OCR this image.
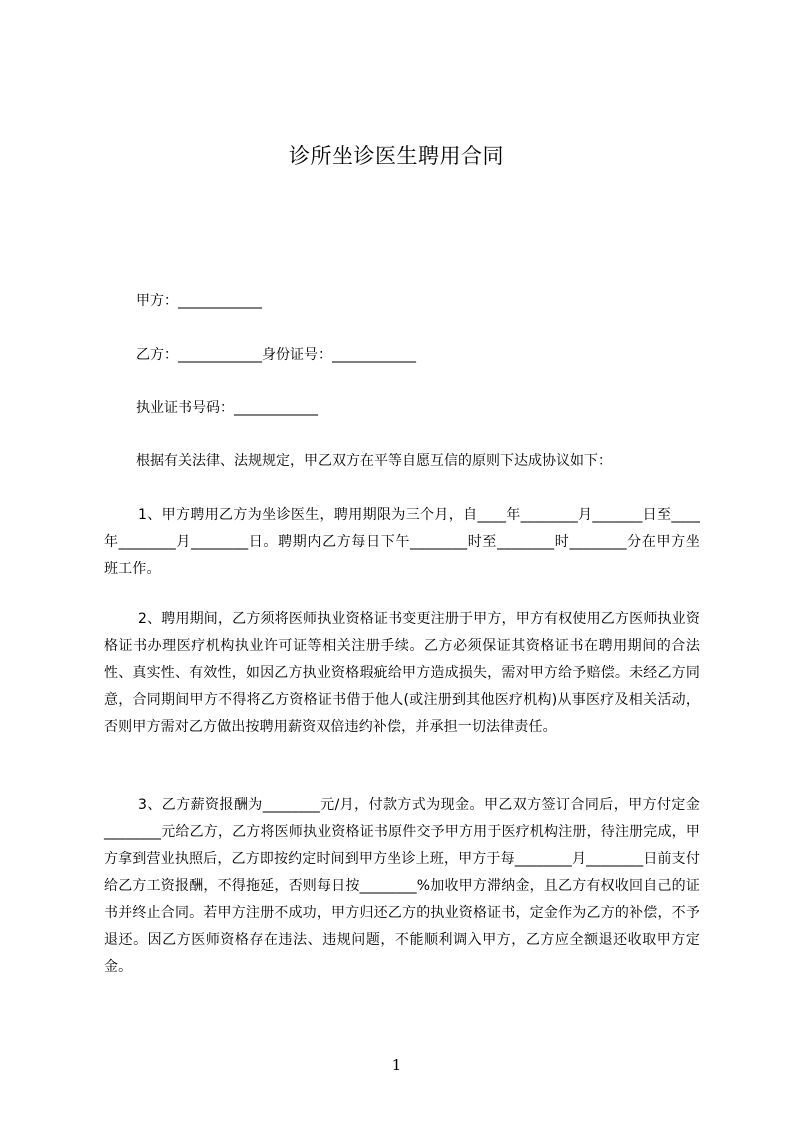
诊所坐诊医生聘用合同
甲方：____________
乙方：____________身份证号：____________
执业证书号码：____________
根据有关法律、法规规定，甲乙双方在平等自愿互信的原则下达成协议如下：
1、甲方聘用乙方为坐诊医生，聘用期限为三个月，自____年________月_______日至____年________月________日。聘期内乙方每日下午________时至________时________分在甲方坐班工作。
2、聘用期间，乙方须将医师执业资格证书变更注册于甲方，甲方有权使用乙方医师执业资格证书办理医疗机构执业许可证等相关注册手续。乙方必须保证其资格证书在聘用期间的合法性、真实性、有效性，如因乙方执业资格瑕疵给甲方造成损失，需对甲方给予赔偿。未经乙方同意，合同期间甲方不得将乙方资格证书借于他人(或注册到其他医疗机构)从事医疗及相关活动，否则甲方需对乙方做出按聘用薪资双倍违约补偿，并承担一切法律责任。
3、乙方薪资报酬为________元/月，付款方式为现金。甲乙双方签订合同后，甲方付定金________元给乙方，乙方将医师执业资格证书原件交予甲方用于医疗机构注册，待注册完成，甲方拿到营业执照后，乙方即按约定时间到甲方坐诊上班，甲方于每________月________日前支付给乙方工资报酬，不得拖延，否则每日按________%加收甲方滞纳金，且乙方有权收回自己的证书并终止合同。若甲方注册不成功，甲方归还乙方的执业资格证书，定金作为乙方的补偿，不予退还。因乙方医师资格存在违法、违规问题，不能顺利调入甲方，乙方应全额退还收取甲方定金。
1
